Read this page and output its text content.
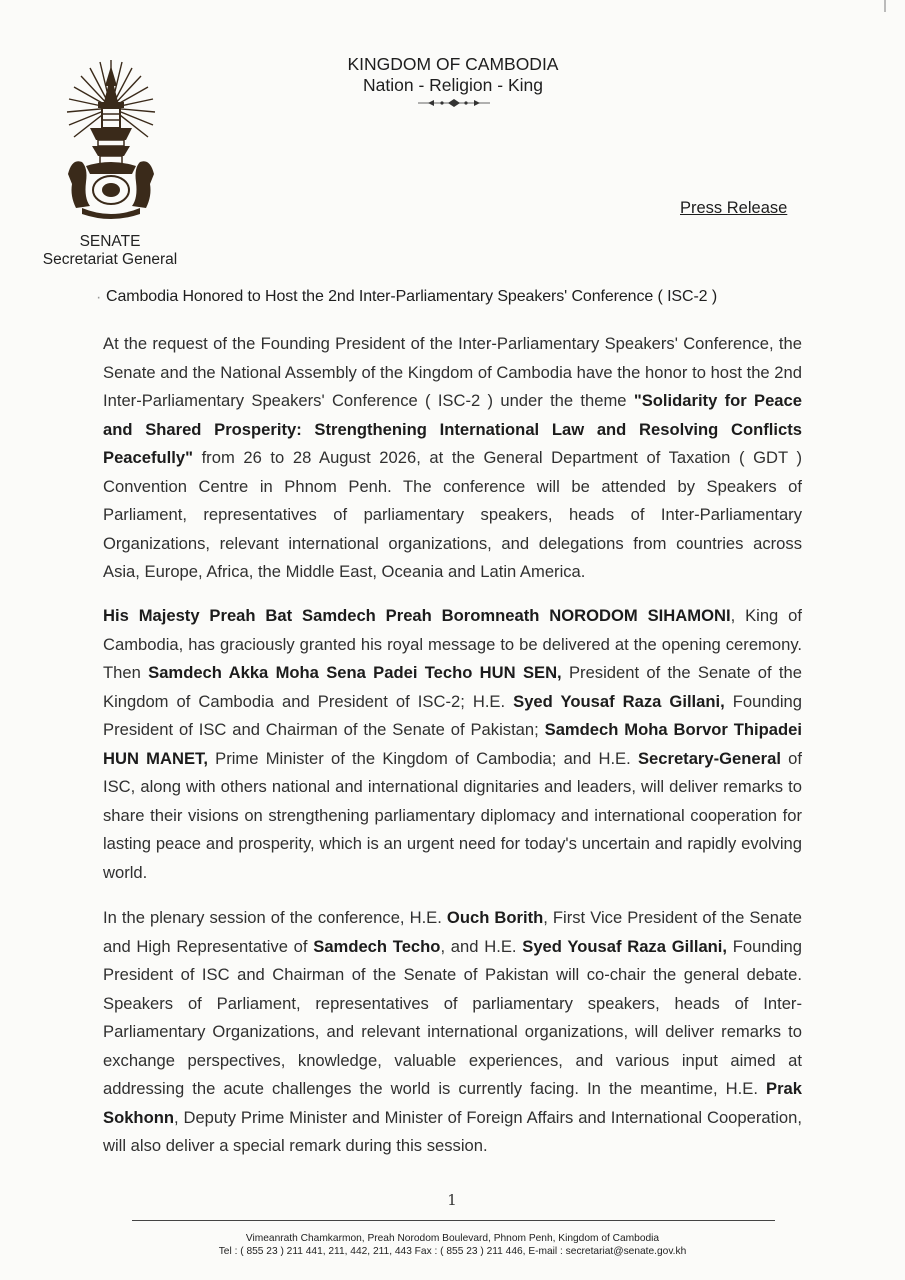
SENATE
Secretariat General
KINGDOM OF CAMBODIA
Nation - Religion - King
Press Release
· Cambodia Honored to Host the 2nd Inter-Parliamentary Speakers' Conference ( ISC-2 )
At the request of the Founding President of the Inter-Parliamentary Speakers' Conference, the Senate and the National Assembly of the Kingdom of Cambodia have the honor to host the 2nd Inter-Parliamentary Speakers' Conference ( ISC-2 ) under the theme "Solidarity for Peace and Shared Prosperity: Strengthening International Law and Resolving Conflicts Peacefully" from 26 to 28 August 2026, at the General Department of Taxation ( GDT ) Convention Centre in Phnom Penh. The conference will be attended by Speakers of Parliament, representatives of parliamentary speakers, heads of Inter-Parliamentary Organizations, relevant international organizations, and delegations from countries across Asia, Europe, Africa, the Middle East, Oceania and Latin America.
His Majesty Preah Bat Samdech Preah Boromneath NORODOM SIHAMONI, King of Cambodia, has graciously granted his royal message to be delivered at the opening ceremony. Then Samdech Akka Moha Sena Padei Techo HUN SEN, President of the Senate of the Kingdom of Cambodia and President of ISC-2; H.E. Syed Yousaf Raza Gillani, Founding President of ISC and Chairman of the Senate of Pakistan; Samdech Moha Borvor Thipadei HUN MANET, Prime Minister of the Kingdom of Cambodia; and H.E. Secretary-General of ISC, along with others national and international dignitaries and leaders, will deliver remarks to share their visions on strengthening parliamentary diplomacy and international cooperation for lasting peace and prosperity, which is an urgent need for today's uncertain and rapidly evolving world.
In the plenary session of the conference, H.E. Ouch Borith, First Vice President of the Senate and High Representative of Samdech Techo, and H.E. Syed Yousaf Raza Gillani, Founding President of ISC and Chairman of the Senate of Pakistan will co-chair the general debate. Speakers of Parliament, representatives of parliamentary speakers, heads of Inter-Parliamentary Organizations, and relevant international organizations, will deliver remarks to exchange perspectives, knowledge, valuable experiences, and various input aimed at addressing the acute challenges the world is currently facing. In the meantime, H.E. Prak Sokhonn, Deputy Prime Minister and Minister of Foreign Affairs and International Cooperation, will also deliver a special remark during this session.
1
Vimeanrath Chamkarmon, Preah Norodom Boulevard, Phnom Penh, Kingdom of Cambodia
Tel : ( 855 23 ) 211 441, 211, 442, 211, 443 Fax : ( 855 23 ) 211 446, E-mail : secretariat@senate.gov.kh
